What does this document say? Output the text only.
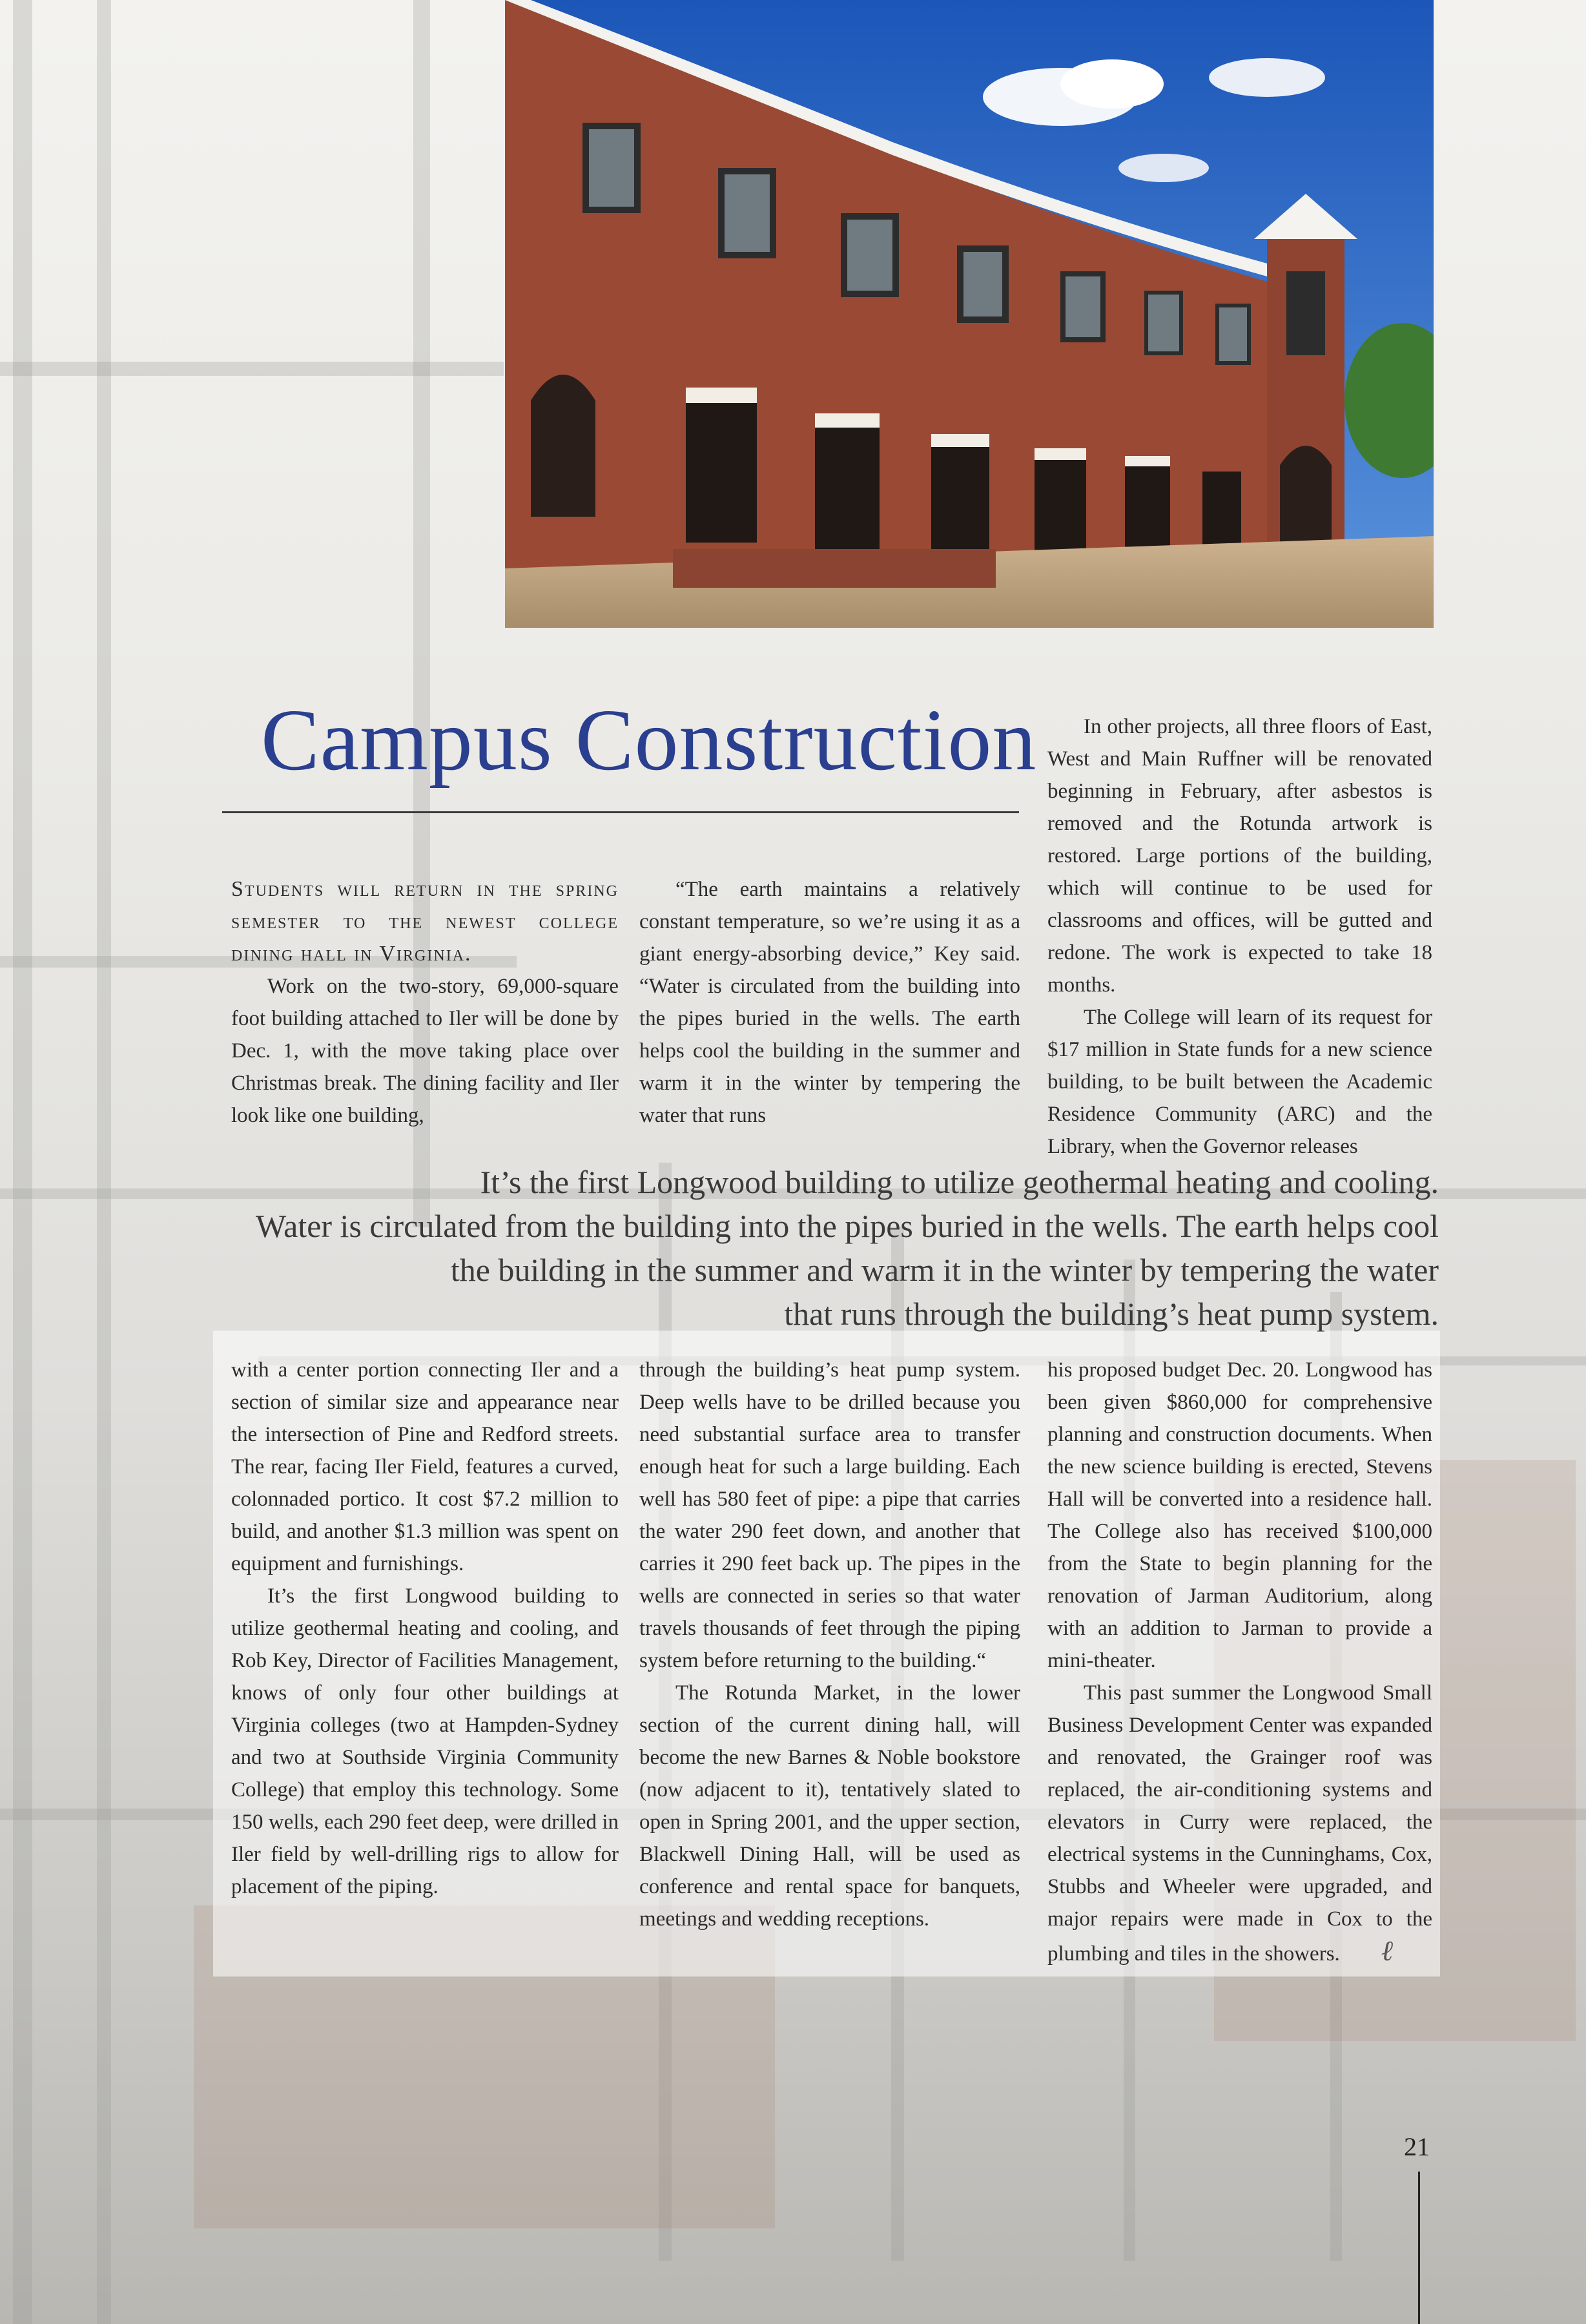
Campus Construction

Students will return in the spring semester to the newest college dining hall in Virginia.

Work on the two-story, 69,000-square foot building attached to Iler will be done by Dec. 1, with the move taking place over Christmas break. The dining facility and Iler look like one building,

“The earth maintains a relatively constant temperature, so we’re using it as a giant energy-absorbing device,” Key said. “Water is circulated from the building into the pipes buried in the wells. The earth helps cool the building in the summer and warm it in the winter by tempering the water that runs

In other projects, all three floors of East, West and Main Ruffner will be renovated beginning in February, after asbestos is removed and the Rotunda artwork is restored. Large portions of the building, which will continue to be used for classrooms and offices, will be gutted and redone. The work is expected to take 18 months.

The College will learn of its request for $17 million in State funds for a new science building, to be built between the Academic Residence Community (ARC) and the Library, when the Governor releases

It’s the first Longwood building to utilize geothermal heating and cooling.
Water is circulated from the building into the pipes buried in the wells. The earth helps cool
the building in the summer and warm it in the winter by tempering the water
that runs through the building’s heat pump system.

with a center portion connecting Iler and a section of similar size and appearance near the intersection of Pine and Redford streets. The rear, facing Iler Field, features a curved, colonnaded portico. It cost $7.2 million to build, and another $1.3 million was spent on equipment and furnishings.

It’s the first Longwood building to utilize geothermal heating and cooling, and Rob Key, Director of Facilities Management, knows of only four other buildings at Virginia colleges (two at Hampden-Sydney and two at Southside Virginia Community College) that employ this technology. Some 150 wells, each 290 feet deep, were drilled in Iler field by well-drilling rigs to allow for placement of the piping.

through the building’s heat pump system. Deep wells have to be drilled because you need substantial surface area to transfer enough heat for such a large building. Each well has 580 feet of pipe: a pipe that carries the water 290 feet down, and another that carries it 290 feet back up. The pipes in the wells are connected in series so that water travels thousands of feet through the piping system before returning to the building.“

The Rotunda Market, in the lower section of the current dining hall, will become the new Barnes & Noble bookstore (now adjacent to it), tentatively slated to open in Spring 2001, and the upper section, Blackwell Dining Hall, will be used as conference and rental space for banquets, meetings and wedding receptions.

his proposed budget Dec. 20. Longwood has been given $860,000 for comprehensive planning and construction documents. When the new science building is erected, Stevens Hall will be converted into a residence hall. The College also has received $100,000 from the State to begin planning for the renovation of Jarman Auditorium, along with an addition to Jarman to provide a mini-theater.

This past summer the Longwood Small Business Development Center was expanded and renovated, the Grainger roof was replaced, the air-conditioning systems and elevators in Curry were replaced, the electrical systems in the Cunninghams, Cox, Stubbs and Wheeler were upgraded, and major repairs were made in Cox to the plumbing and tiles in the showers. ℓ

21
